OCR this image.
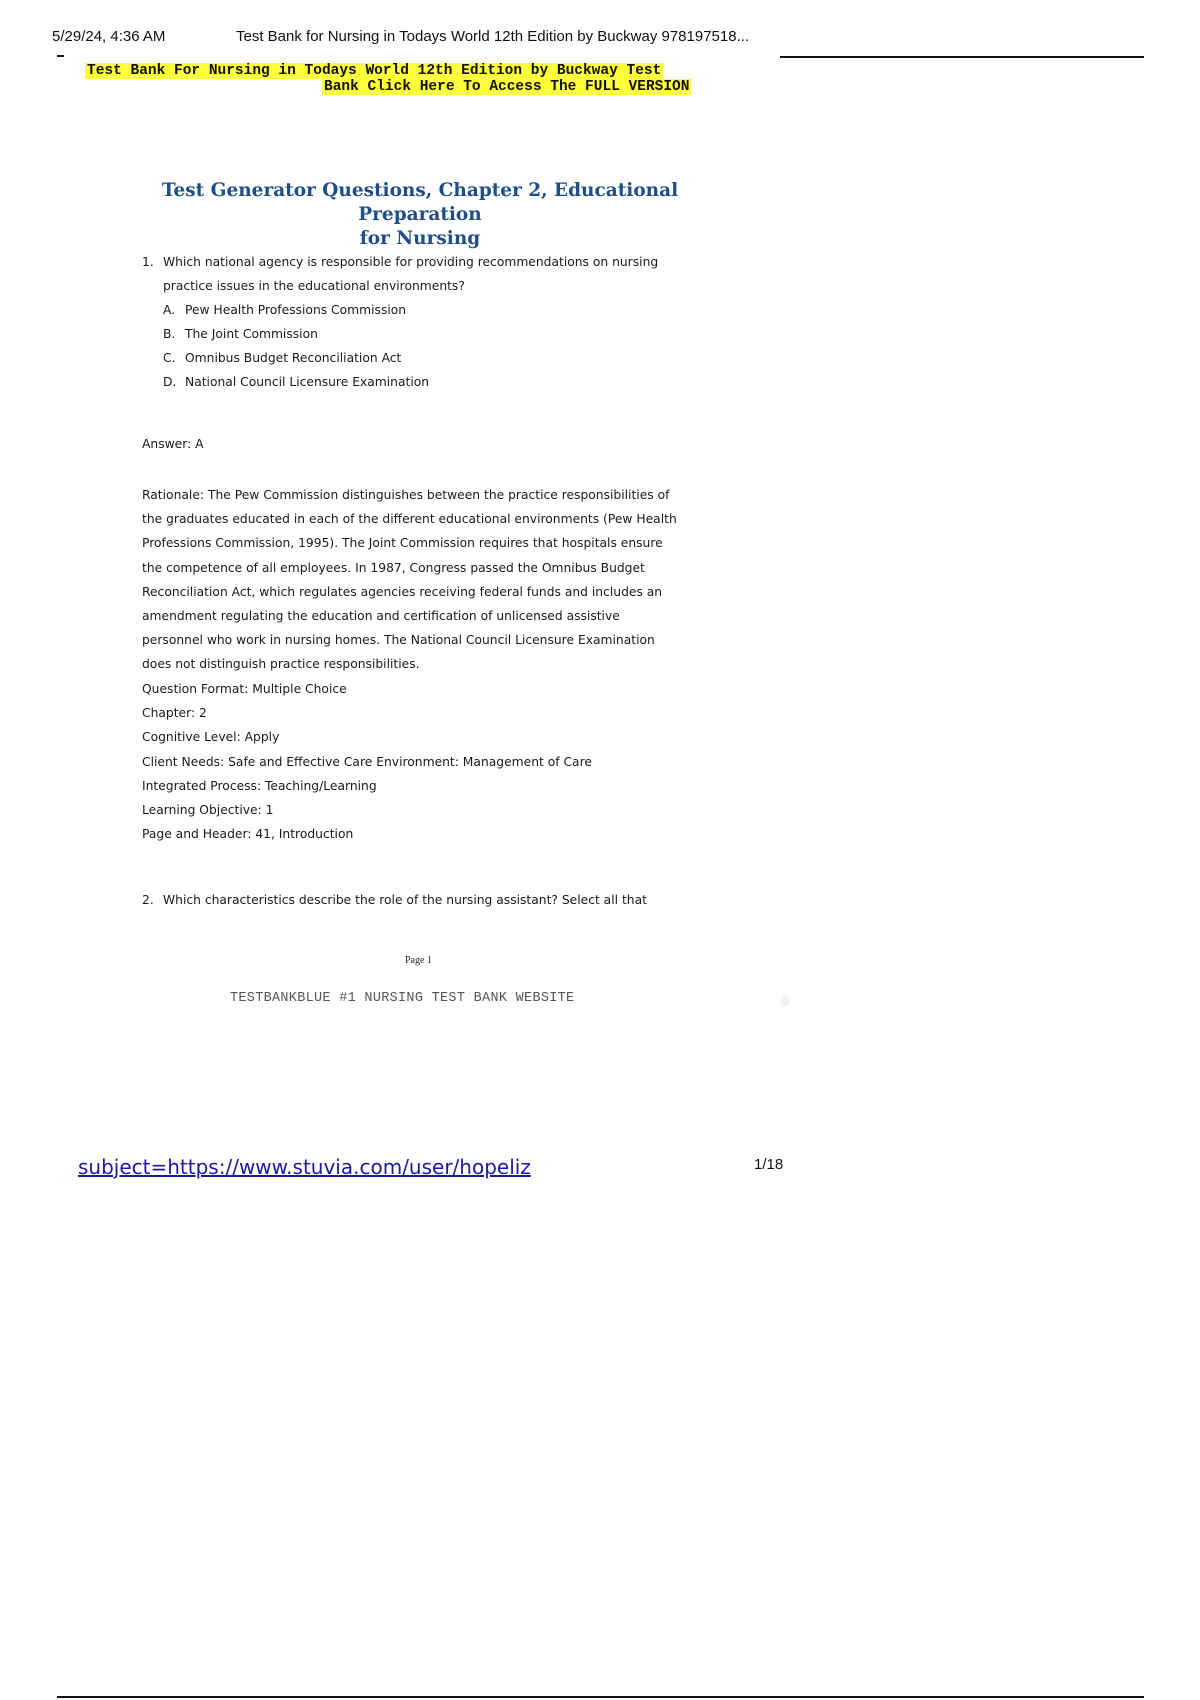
5/29/24, 4:36 AM	Test Bank for Nursing in Todays World 12th Edition by Buckway 978197518...
Test Bank For Nursing in Todays World 12th Edition by Buckway Test
Bank Click Here To Access The FULL VERSION
Test Generator Questions, Chapter 2, Educational Preparation
for Nursing
1. Which national agency is responsible for providing recommendations on nursing
practice issues in the educational environments?
A. Pew Health Professions Commission
B. The Joint Commission
C. Omnibus Budget Reconciliation Act
D. National Council Licensure Examination
Answer: A
Rationale: The Pew Commission distinguishes between the practice responsibilities of
the graduates educated in each of the different educational environments (Pew Health
Professions Commission, 1995). The Joint Commission requires that hospitals ensure
the competence of all employees. In 1987, Congress passed the Omnibus Budget
Reconciliation Act, which regulates agencies receiving federal funds and includes an
amendment regulating the education and certification of unlicensed assistive
personnel who work in nursing homes. The National Council Licensure Examination
does not distinguish practice responsibilities.
Question Format: Multiple Choice
Chapter: 2
Cognitive Level: Apply
Client Needs: Safe and Effective Care Environment: Management of Care
Integrated Process: Teaching/Learning
Learning Objective: 1
Page and Header: 41, Introduction
2. Which characteristics describe the role of the nursing assistant? Select all that
Page 1
TESTBANKBLUE #1 NURSING TEST BANK WEBSITE
subject=https://www.stuvia.com/user/hopeliz	1/18
